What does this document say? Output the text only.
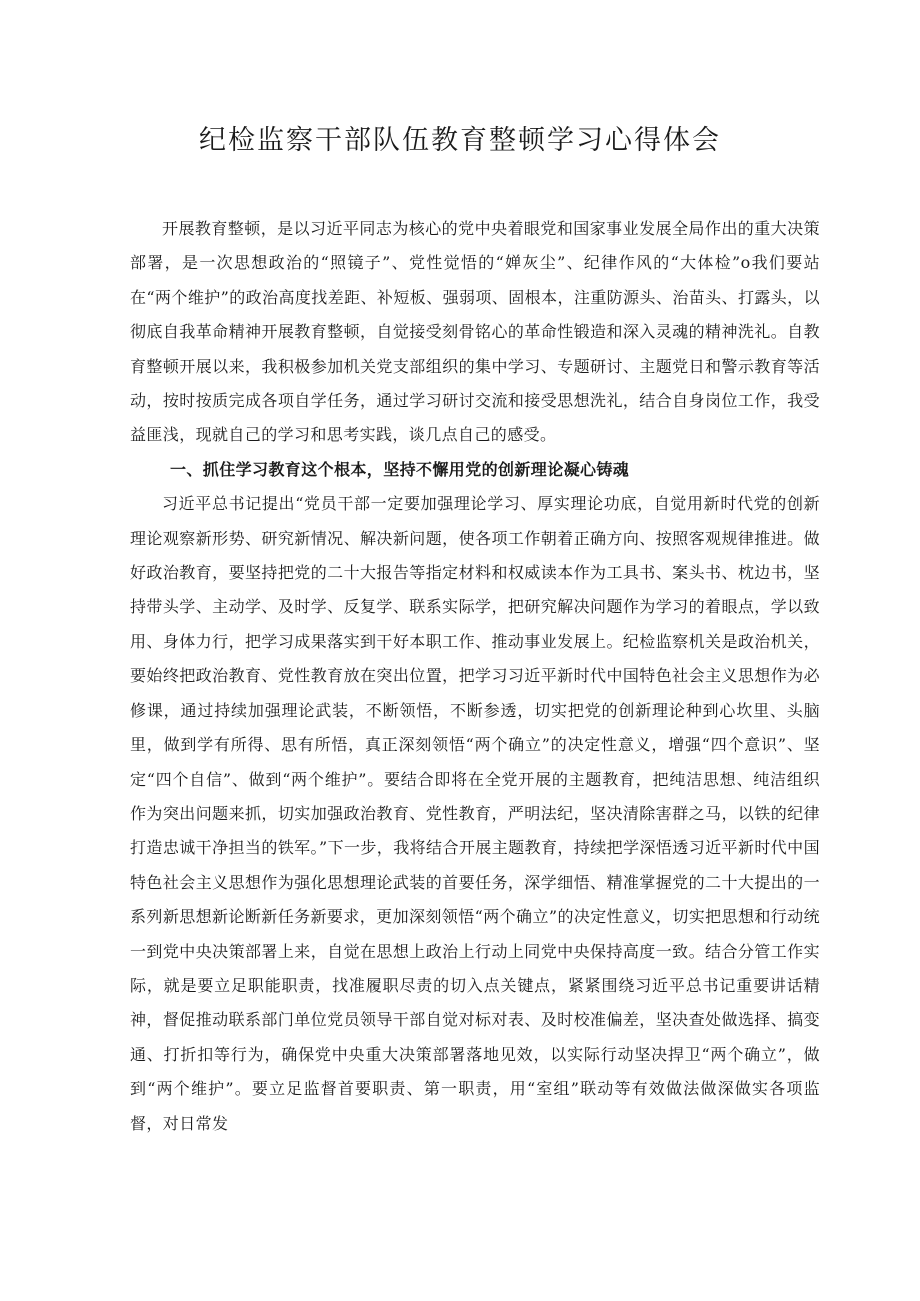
纪检监察干部队伍教育整顿学习心得体会

开展教育整顿，是以习近平同志为核心的党中央着眼党和国家事业发展全局作出的重大决策部署，是一次思想政治的“照镜子”、党性觉悟的“婵灰尘”、纪律作风的“大体检”o我们要站在“两个维护”的政治高度找差距、补短板、强弱项、固根本，注重防源头、治苗头、打露头，以彻底自我革命精神开展教育整顿，自觉接受刻骨铭心的革命性锻造和深入灵魂的精神洗礼。自教育整顿开展以来，我积极参加机关党支部组织的集中学习、专题研讨、主题党日和警示教育等活动，按时按质完成各项自学任务，通过学习研讨交流和接受思想洗礼，结合自身岗位工作，我受益匪浅，现就自己的学习和思考实践，谈几点自己的感受。

一、抓住学习教育这个根本，坚持不懈用党的创新理论凝心铸魂

习近平总书记提出“党员干部一定要加强理论学习、厚实理论功底，自觉用新时代党的创新理论观察新形势、研究新情况、解决新问题，使各项工作朝着正确方向、按照客观规律推进。做好政治教育，要坚持把党的二十大报告等指定材料和权威读本作为工具书、案头书、枕边书，坚持带头学、主动学、及时学、反复学、联系实际学，把研究解决问题作为学习的着眼点，学以致用、身体力行，把学习成果落实到干好本职工作、推动事业发展上。纪检监察机关是政治机关，要始终把政治教育、党性教育放在突出位置，把学习习近平新时代中国特色社会主义思想作为必修课，通过持续加强理论武装，不断领悟，不断参透，切实把党的创新理论种到心坎里、头脑里，做到学有所得、思有所悟，真正深刻领悟“两个确立”的决定性意义，增强“四个意识”、坚定“四个自信”、做到“两个维护”。要结合即将在全党开展的主题教育，把纯洁思想、纯洁组织作为突出问题来抓，切实加强政治教育、党性教育，严明法纪，坚决清除害群之马，以铁的纪律打造忠诚干净担当的铁军。”下一步，我将结合开展主题教育，持续把学深悟透习近平新时代中国特色社会主义思想作为强化思想理论武装的首要任务，深学细悟、精准掌握党的二十大提出的一系列新思想新论断新任务新要求，更加深刻领悟“两个确立”的决定性意义，切实把思想和行动统一到党中央决策部署上来，自觉在思想上政治上行动上同党中央保持高度一致。结合分管工作实际，就是要立足职能职责，找准履职尽责的切入点关键点，紧紧围绕习近平总书记重要讲话精神，督促推动联系部门单位党员领导干部自觉对标对表、及时校准偏差，坚决查处做选择、搞变通、打折扣等行为，确保党中央重大决策部署落地见效，以实际行动坚决捍卫“两个确立”，做到“两个维护”。要立足监督首要职责、第一职责，用“室组”联动等有效做法做深做实各项监督，对日常发
